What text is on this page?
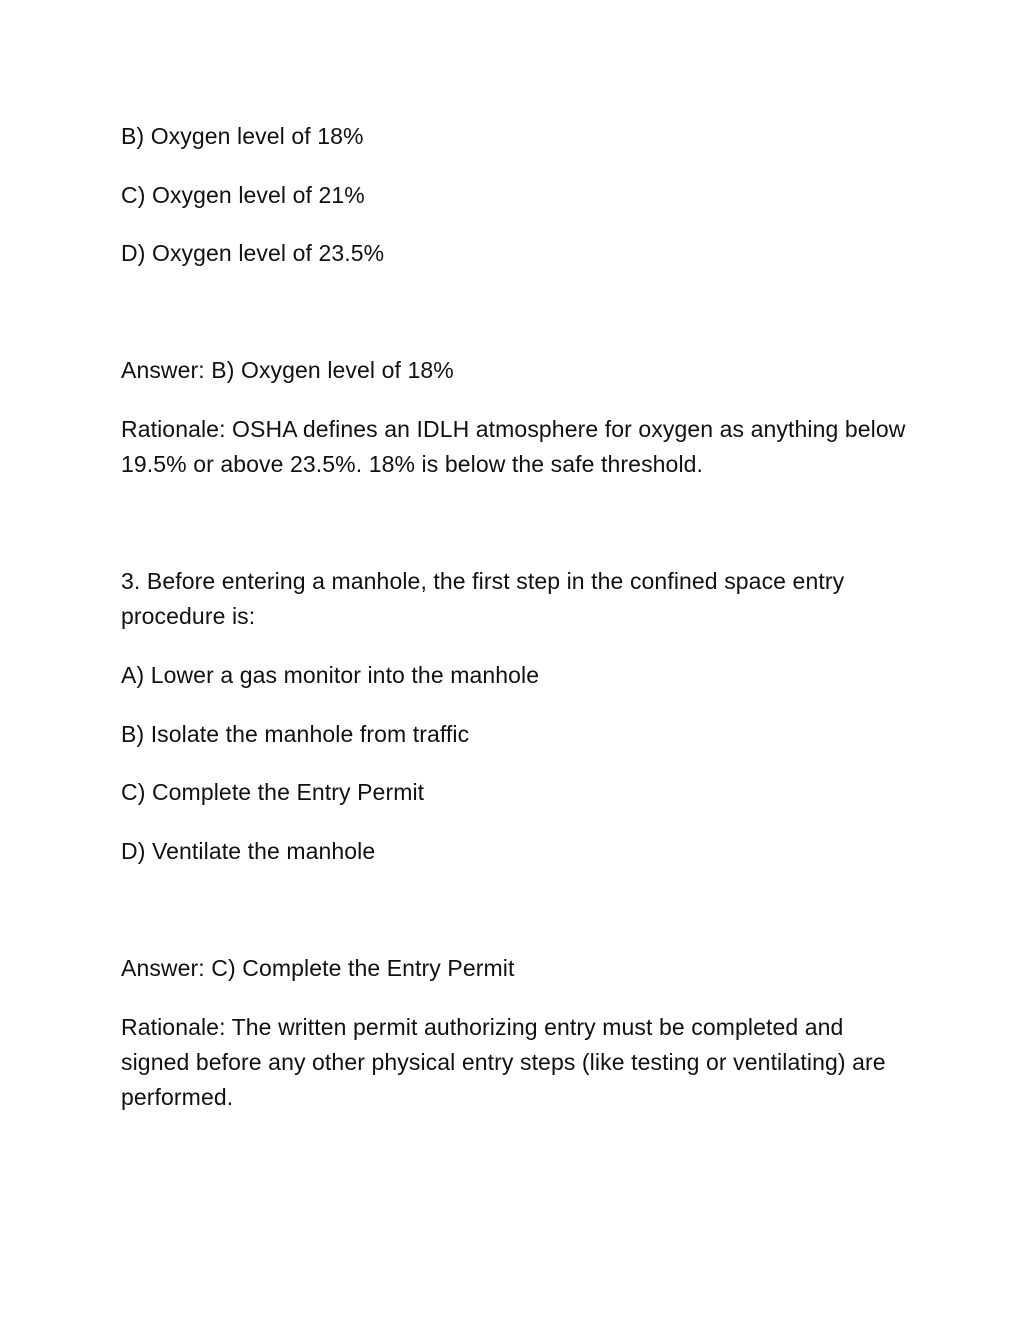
B) Oxygen level of 18%
C) Oxygen level of 21%
D) Oxygen level of 23.5%
Answer: B) Oxygen level of 18%
Rationale: OSHA defines an IDLH atmosphere for oxygen as anything below 19.5% or above 23.5%. 18% is below the safe threshold.
3. Before entering a manhole, the first step in the confined space entry procedure is:
A) Lower a gas monitor into the manhole
B) Isolate the manhole from traffic
C) Complete the Entry Permit
D) Ventilate the manhole
Answer: C) Complete the Entry Permit
Rationale: The written permit authorizing entry must be completed and signed before any other physical entry steps (like testing or ventilating) are performed.
